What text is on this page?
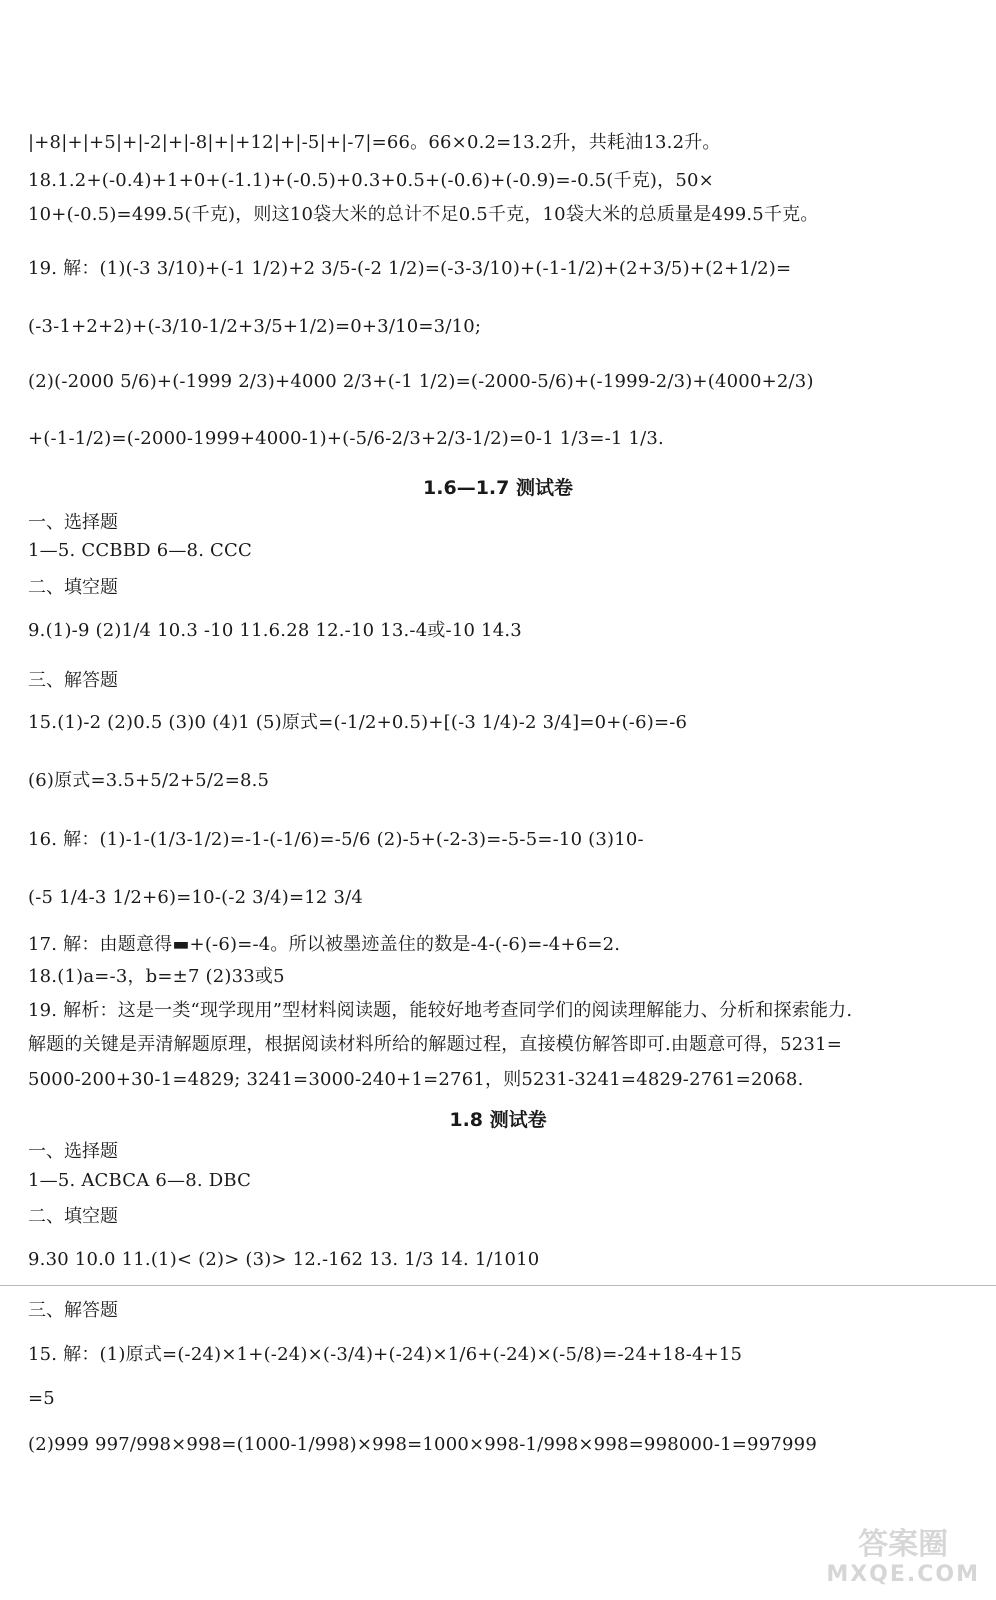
|+8|+|+5|+|-2|+|-8|+|+12|+|-5|+|-7|=66。66×0.2=13.2升，共耗油13.2升。
18.1.2+(-0.4)+1+0+(-1.1)+(-0.5)+0.3+0.5+(-0.6)+(-0.9)=-0.5(千克)，50×
10+(-0.5)=499.5(千克)，则这10袋大米的总计不足0.5千克，10袋大米的总质量是499.5千克。
19. 解：(1)(-3 3/10)+(-1 1/2)+2 3/5-(-2 1/2)=(-3-3/10)+(-1-1/2)+(2+3/5)+(2+1/2)=
(-3-1+2+2)+(-3/10-1/2+3/5+1/2)=0+3/10=3/10;
(2)(-2000 5/6)+(-1999 2/3)+4000 2/3+(-1 1/2)=(-2000-5/6)+(-1999-2/3)+(4000+2/3)
+(-1-1/2)=(-2000-1999+4000-1)+(-5/6-2/3+2/3-1/2)=0-1 1/3=-1 1/3.
1.6—1.7 测试卷
一、选择题
1—5. CCBBD 6—8. CCC
二、填空题
9.(1)-9 (2)1/4 10.3 -10 11.6.28 12.-10 13.-4或-10 14.3
三、解答题
15.(1)-2 (2)0.5 (3)0 (4)1 (5)原式=(-1/2+0.5)+[(-3 1/4)-2 3/4]=0+(-6)=-6
(6)原式=3.5+5/2+5/2=8.5
16. 解：(1)-1-(1/3-1/2)=-1-(-1/6)=-5/6 (2)-5+(-2-3)=-5-5=-10 (3)10-
(-5 1/4-3 1/2+6)=10-(-2 3/4)=12 3/4
17. 解：由题意得▬+(-6)=-4。所以被墨迹盖住的数是-4-(-6)=-4+6=2.
18.(1)a=-3，b=±7 (2)33或5
19. 解析：这是一类“现学现用”型材料阅读题，能较好地考查同学们的阅读理解能力、分析和探索能力.
解题的关键是弄清解题原理，根据阅读材料所给的解题过程，直接模仿解答即可.由题意可得，5231=
5000-200+30-1=4829; 3241=3000-240+1=2761，则5231-3241=4829-2761=2068.
1.8 测试卷
一、选择题
1—5. ACBCA 6—8. DBC
二、填空题
9.30 10.0 11.(1)< (2)> (3)> 12.-162 13. 1/3 14. 1/1010
三、解答题
15. 解：(1)原式=(-24)×1+(-24)×(-3/4)+(-24)×1/6+(-24)×(-5/8)=-24+18-4+15
=5
(2)999 997/998×998=(1000-1/998)×998=1000×998-1/998×998=998000-1=997999
答案圈
MXQE.COM
